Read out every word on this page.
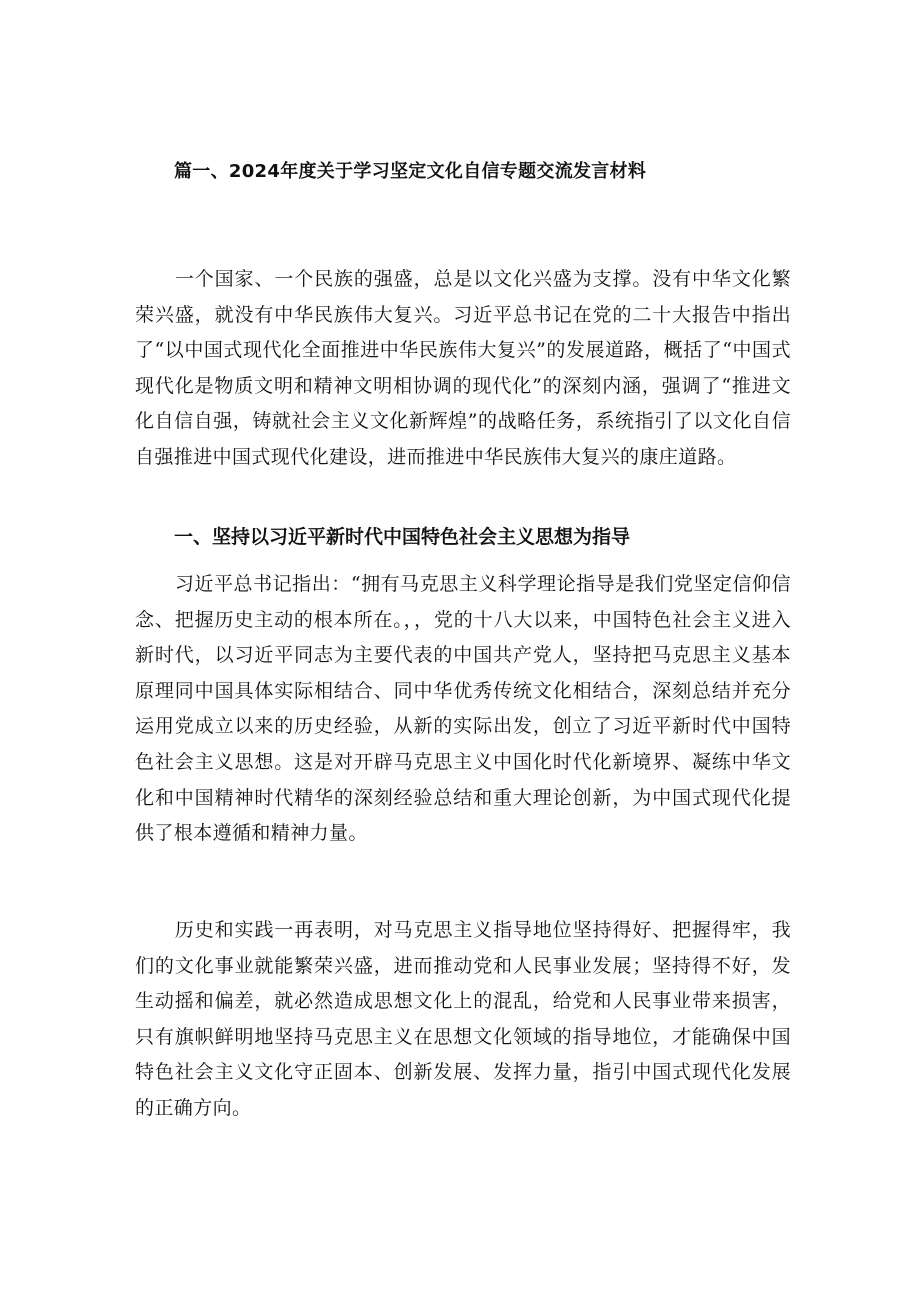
篇一、2024年度关于学习坚定文化自信专题交流发言材料

一个国家、一个民族的强盛，总是以文化兴盛为支撑。没有中华文化繁荣兴盛，就没有中华民族伟大复兴。习近平总书记在党的二十大报告中指出了“以中国式现代化全面推进中华民族伟大复兴”的发展道路，概括了“中国式现代化是物质文明和精神文明相协调的现代化”的深刻内涵，强调了“推进文化自信自强，铸就社会主义文化新辉煌”的战略任务，系统指引了以文化自信自强推进中国式现代化建设，进而推进中华民族伟大复兴的康庄道路。

一、坚持以习近平新时代中国特色社会主义思想为指导

习近平总书记指出：“拥有马克思主义科学理论指导是我们党坚定信仰信念、把握历史主动的根本所在。，，党的十八大以来，中国特色社会主义进入新时代，以习近平同志为主要代表的中国共产党人，坚持把马克思主义基本原理同中国具体实际相结合、同中华优秀传统文化相结合，深刻总结并充分运用党成立以来的历史经验，从新的实际出发，创立了习近平新时代中国特色社会主义思想。这是对开辟马克思主义中国化时代化新境界、凝练中华文化和中国精神时代精华的深刻经验总结和重大理论创新，为中国式现代化提供了根本遵循和精神力量。

历史和实践一再表明，对马克思主义指导地位坚持得好、把握得牢，我们的文化事业就能繁荣兴盛，进而推动党和人民事业发展；坚持得不好，发生动摇和偏差，就必然造成思想文化上的混乱，给党和人民事业带来损害，只有旗帜鲜明地坚持马克思主义在思想文化领域的指导地位，才能确保中国特色社会主义文化守正固本、创新发展、发挥力量，指引中国式现代化发展的正确方向。
